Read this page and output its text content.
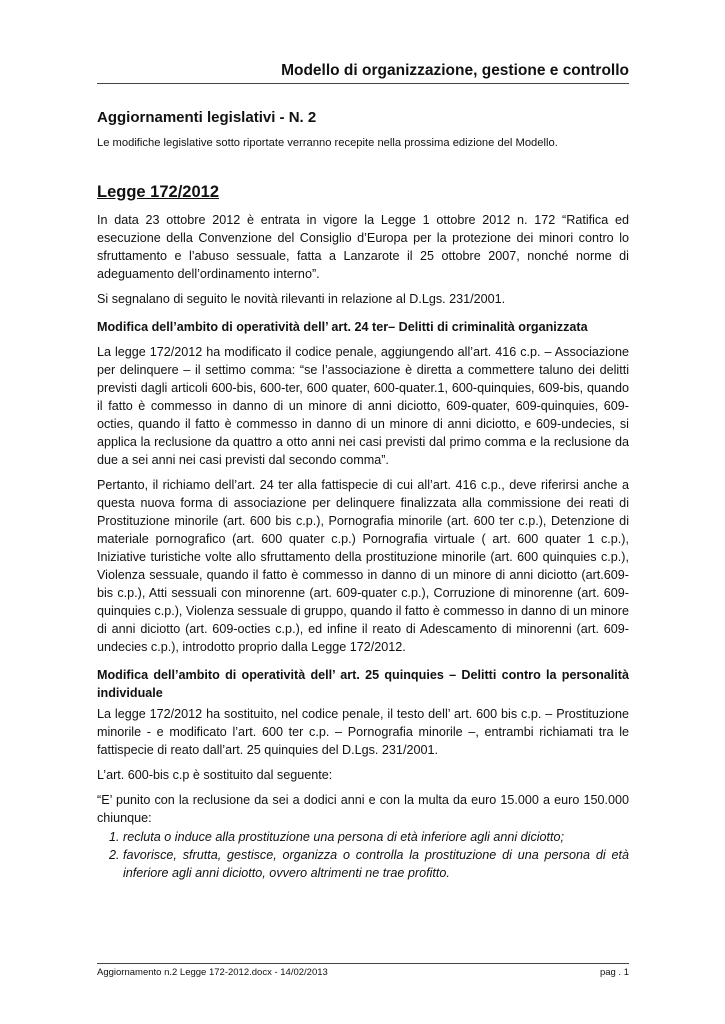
Modello di organizzazione, gestione e controllo
Aggiornamenti legislativi - N. 2
Le modifiche legislative sotto riportate verranno recepite nella prossima edizione del Modello.
Legge 172/2012

In data 23 ottobre 2012 è entrata in vigore la Legge 1 ottobre 2012 n. 172 “Ratifica ed esecuzione della Convenzione del Consiglio d’Europa per la protezione dei minori contro lo sfruttamento e l’abuso sessuale, fatta a Lanzarote il 25 ottobre 2007, nonché norme di adeguamento dell’ordinamento interno”.

Si segnalano di seguito le novità rilevanti in relazione al D.Lgs. 231/2001.

Modifica dell’ambito di operatività dell’ art. 24 ter– Delitti di criminalità organizzata

La legge 172/2012 ha modificato il codice penale, aggiungendo all’art. 416 c.p. – Associazione per delinquere – il settimo comma: “se l’associazione è diretta a commettere taluno dei delitti previsti dagli articoli 600-bis, 600-ter, 600 quater, 600-quater.1, 600-quinquies, 609-bis, quando il fatto è commesso in danno di un minore di anni diciotto, 609-quater, 609-quinquies, 609-octies, quando il fatto è commesso in danno di un minore di anni diciotto, e 609-undecies, si applica la reclusione da quattro a otto anni nei casi previsti dal primo comma e la reclusione da due a sei anni nei casi previsti dal secondo comma”.

Pertanto, il richiamo dell’art. 24 ter alla fattispecie di cui all’art. 416 c.p., deve riferirsi anche a questa nuova forma di associazione per delinquere finalizzata alla commissione dei reati di Prostituzione minorile (art. 600 bis c.p.), Pornografia minorile (art. 600 ter c.p.), Detenzione di materiale pornografico (art. 600 quater c.p.) Pornografia virtuale ( art. 600 quater 1 c.p.), Iniziative turistiche volte allo sfruttamento della prostituzione minorile (art. 600 quinquies c.p.), Violenza sessuale, quando il fatto è commesso in danno di un minore di anni diciotto (art.609-bis c.p.), Atti sessuali con minorenne (art. 609-quater c.p.), Corruzione di minorenne (art. 609-quinquies c.p.), Violenza sessuale di gruppo, quando il fatto è commesso in danno di un minore di anni diciotto (art. 609-octies c.p.), ed infine il reato di Adescamento di minorenni (art. 609-undecies c.p.), introdotto proprio dalla Legge 172/2012.

Modifica dell’ambito di operatività dell’ art. 25 quinquies – Delitti contro la personalità individuale

La legge 172/2012 ha sostituito, nel codice penale, il testo dell’ art. 600 bis c.p. – Prostituzione minorile - e modificato l’art. 600 ter c.p. – Pornografia minorile –, entrambi richiamati tra le fattispecie di reato dall’art. 25 quinquies del D.Lgs. 231/2001.

L’art. 600-bis c.p è sostituito dal seguente:

“E’ punito con la reclusione da sei a dodici anni e con la multa da euro 15.000 a euro 150.000 chiunque:

1. recluta o induce alla prostituzione una persona di età inferiore agli anni diciotto;
2. favorisce, sfrutta, gestisce, organizza o controlla la prostituzione di una persona di età inferiore agli anni diciotto, ovvero altrimenti ne trae profitto.
Aggiornamento n.2 Legge 172-2012.docx - 14/02/2013	pag . 1
